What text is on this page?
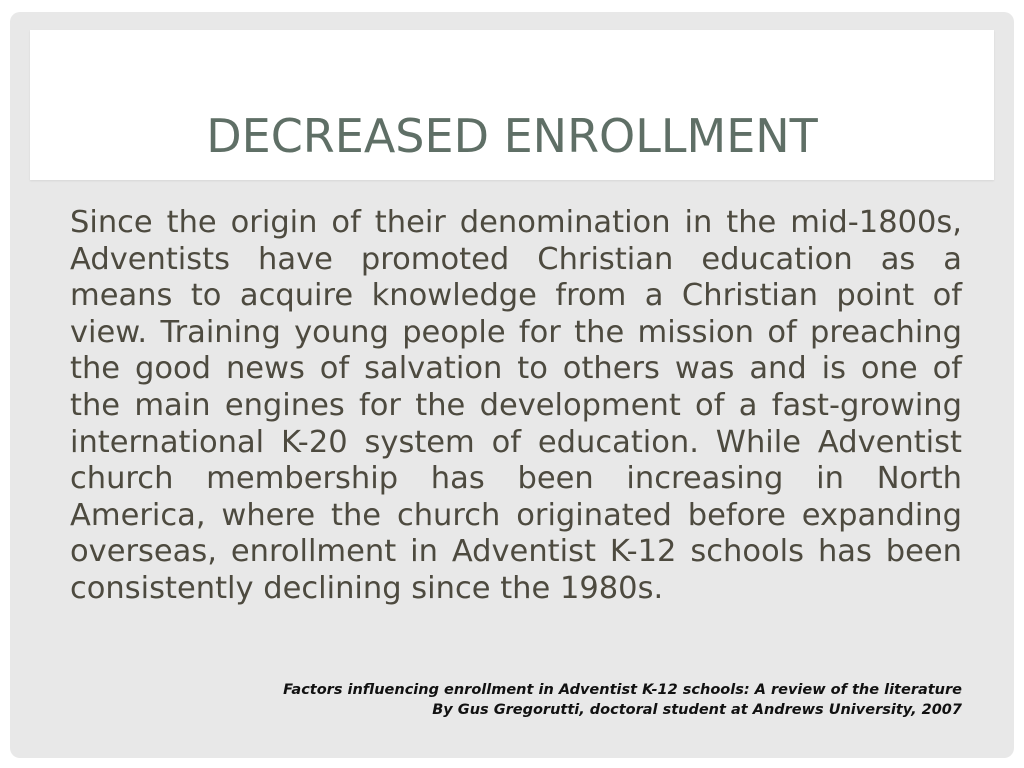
DECREASED ENROLLMENT

Since the origin of their denomination in the mid-1800s, Adventists have promoted Christian education as a means to acquire knowledge from a Christian point of view. Training young people for the mission of preaching the good news of salvation to others was and is one of the main engines for the development of a fast-growing international K-20 system of education. While Adventist church membership has been increasing in North America, where the church originated before expanding overseas, enrollment in Adventist K-12 schools has been consistently declining since the 1980s.

Factors influencing enrollment in Adventist K-12 schools: A review of the literature
By Gus Gregorutti, doctoral student at Andrews University, 2007
